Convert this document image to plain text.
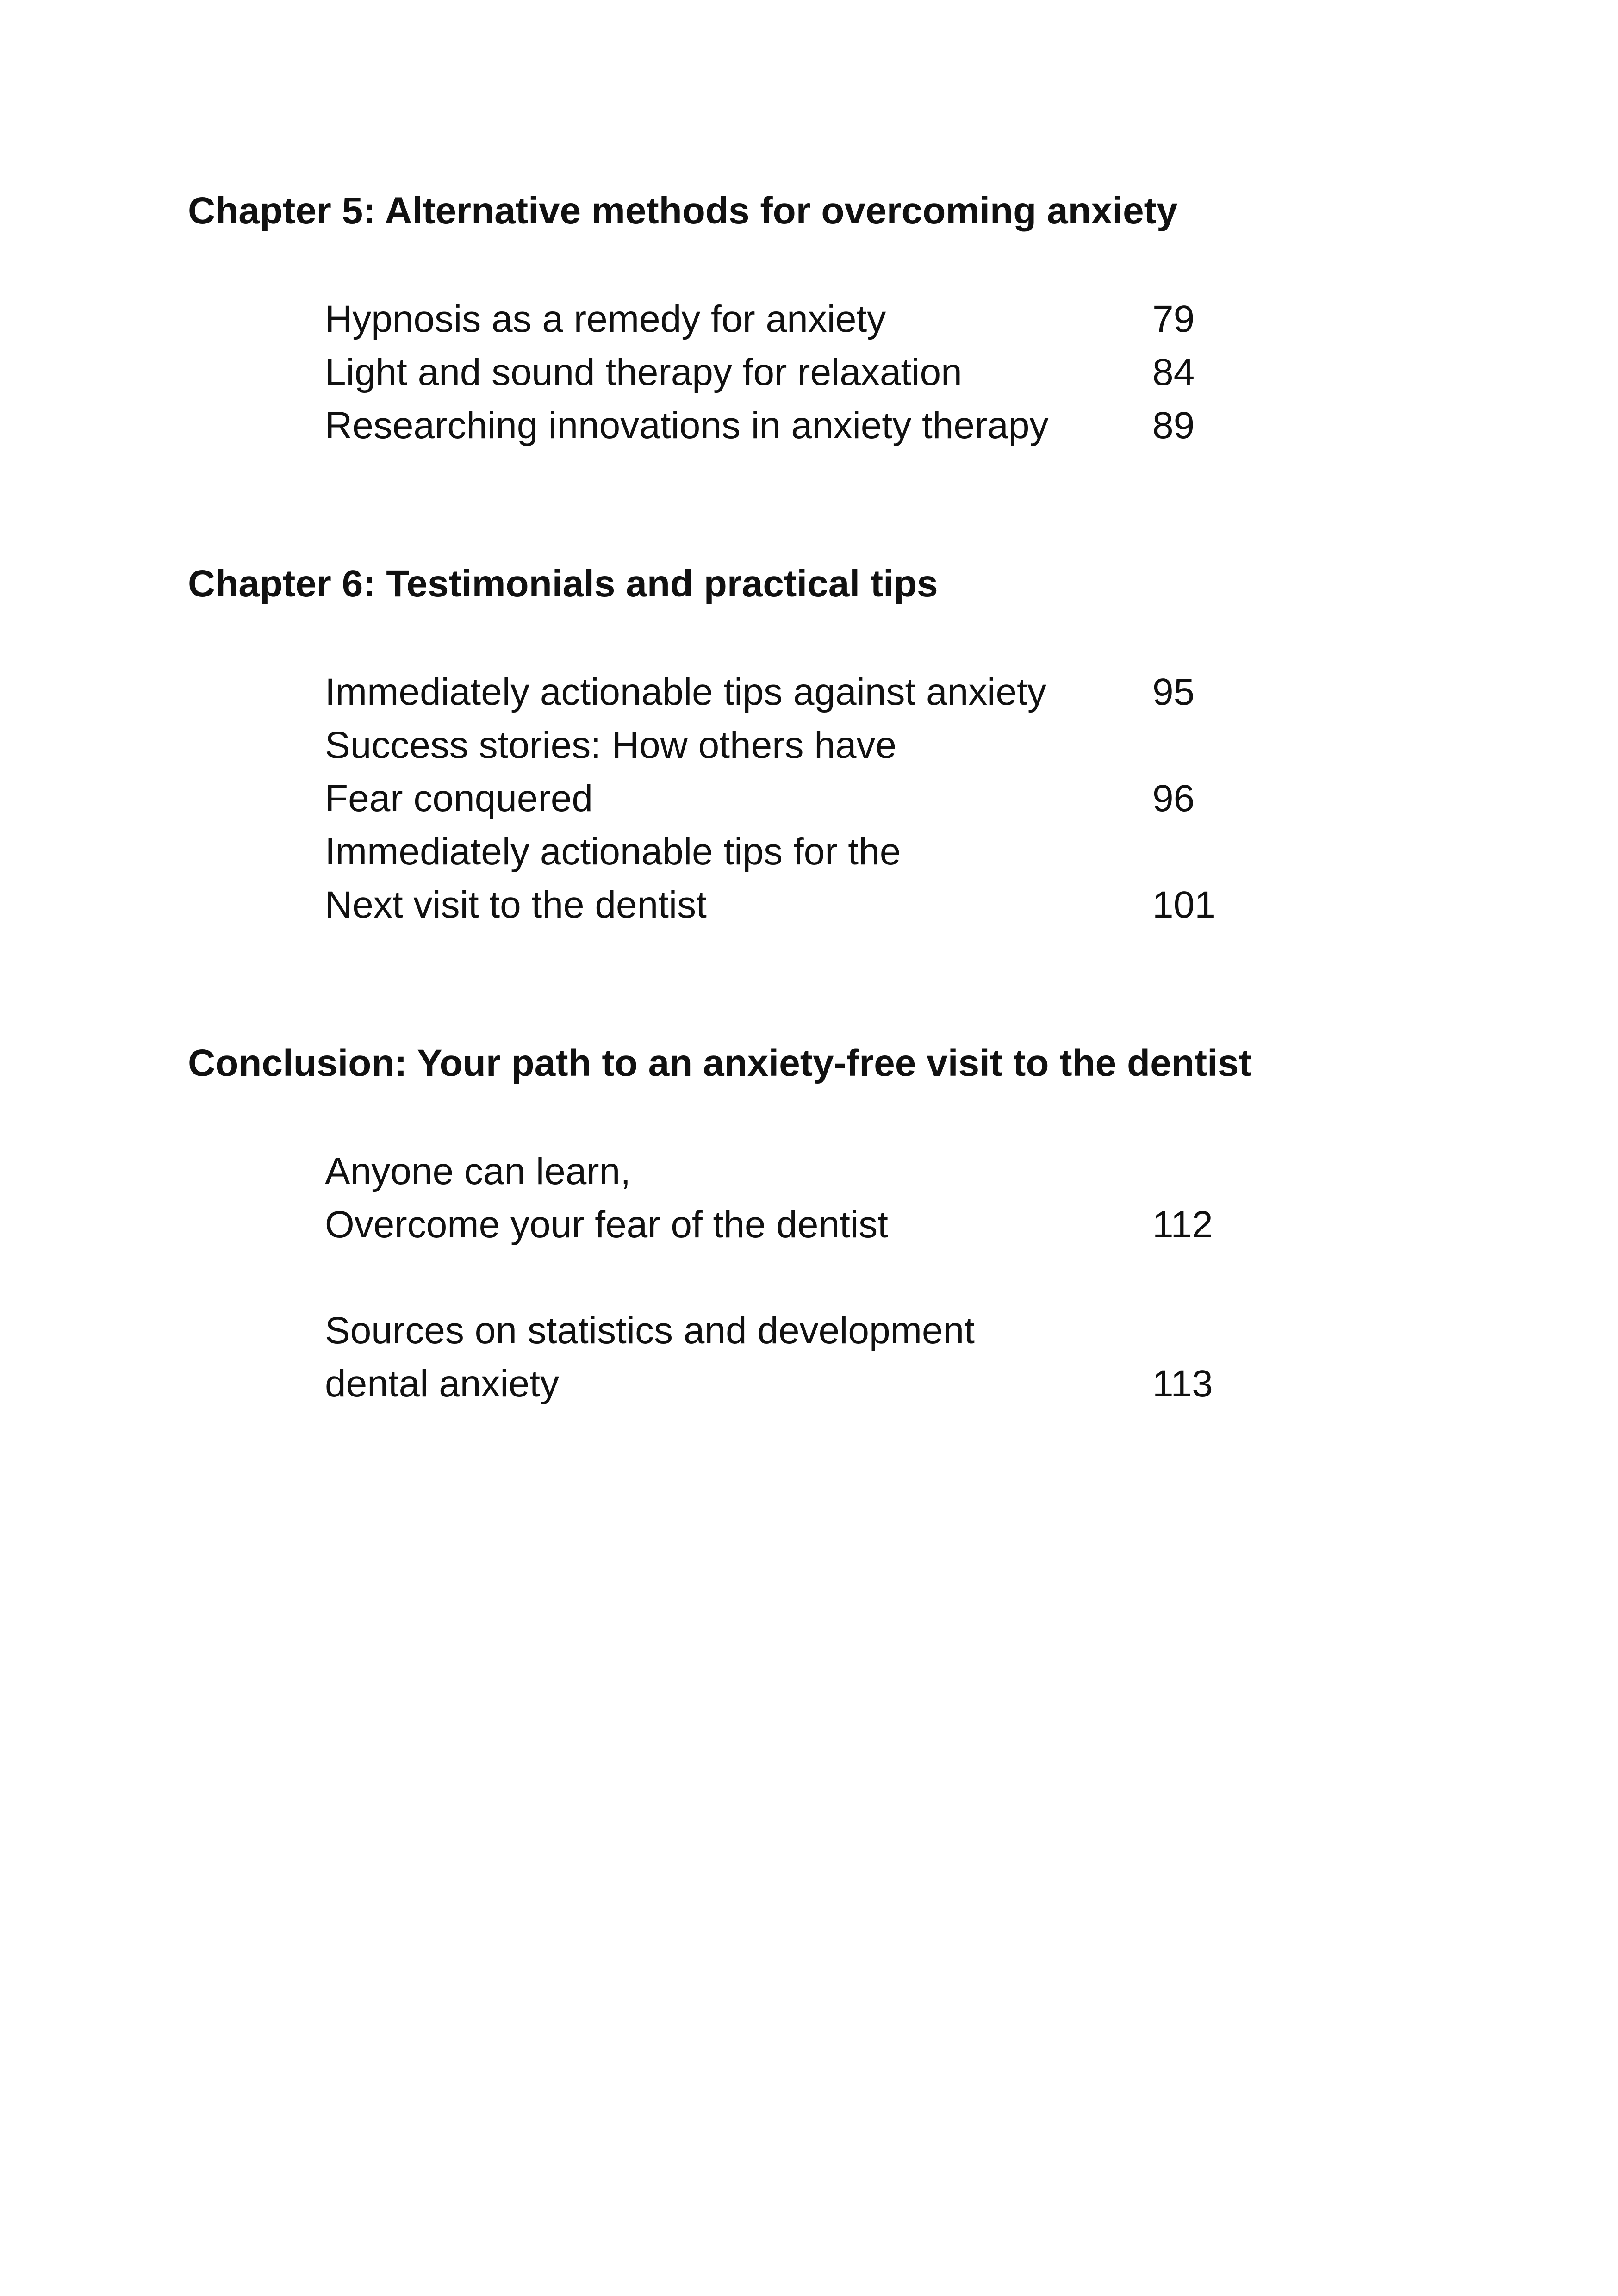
Chapter 5: Alternative methods for overcoming anxiety
Hypnosis as a remedy for anxiety	79
Light and sound therapy for relaxation	84
Researching innovations in anxiety therapy	89
Chapter 6: Testimonials and practical tips
Immediately actionable tips against anxiety	95
Success stories: How others have
Fear conquered	96
Immediately actionable tips for the
Next visit to the dentist	101
Conclusion: Your path to an anxiety-free visit to the dentist
Anyone can learn,
Overcome your fear of the dentist	112
Sources on statistics and development
dental anxiety	113
